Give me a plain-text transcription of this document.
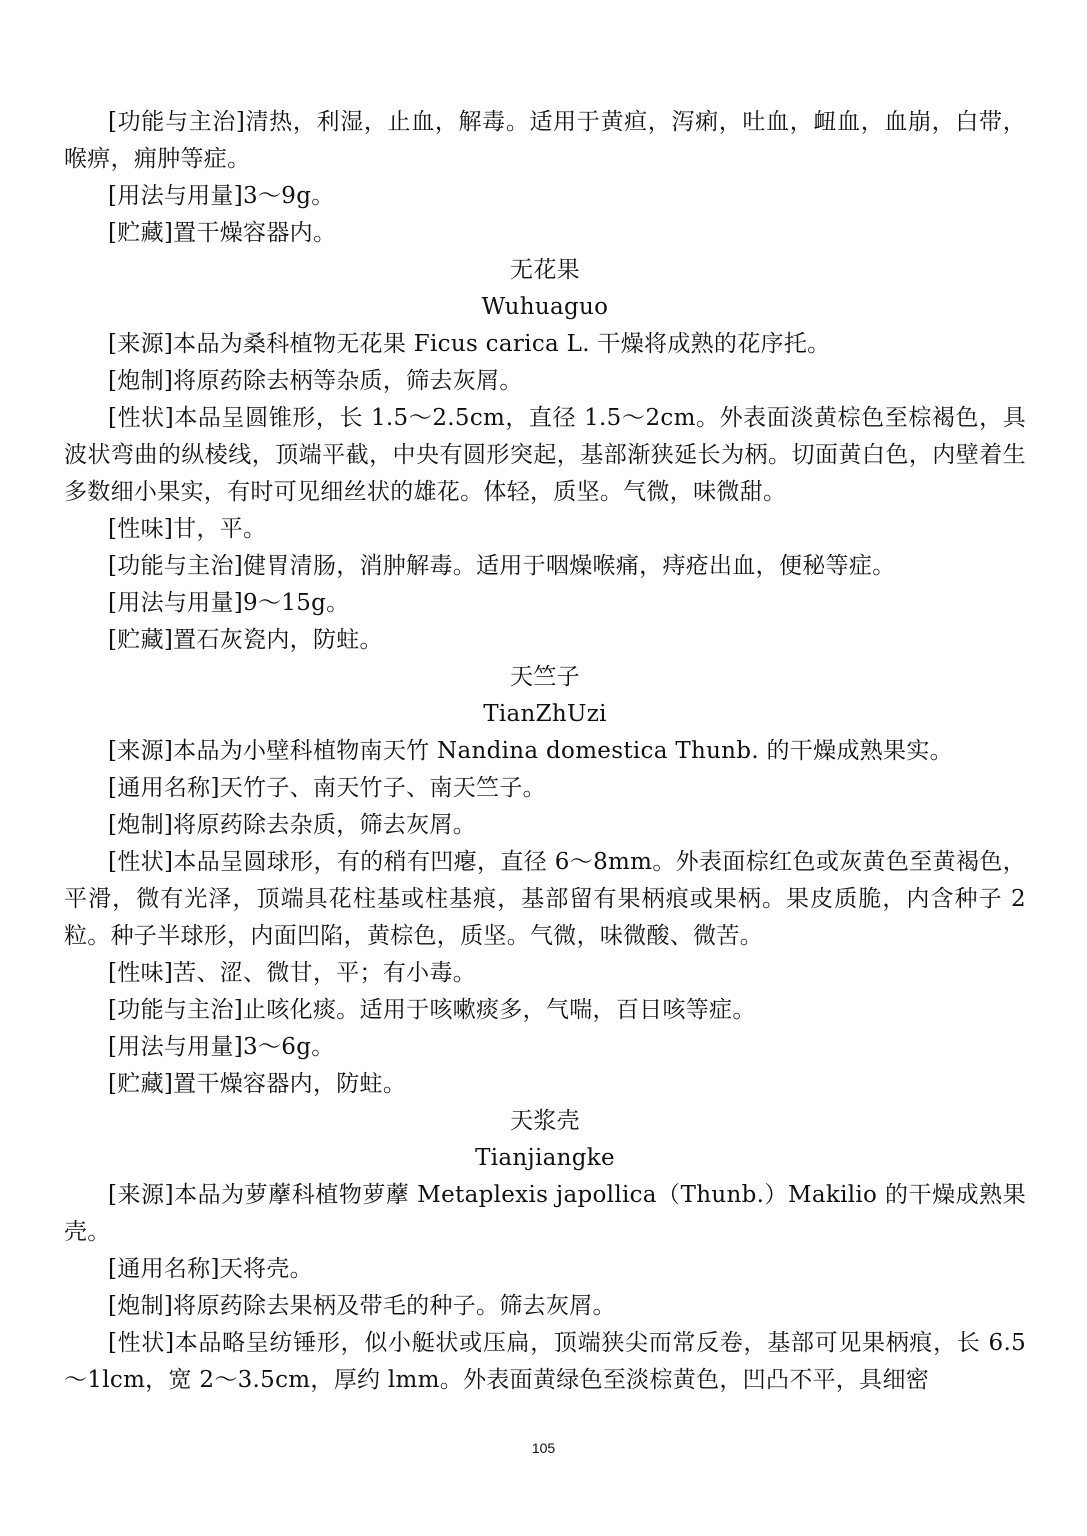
[功能与主治]清热，利湿，止血，解毒。适用于黄疸，泻痢，吐血，衄血，血崩，白带，喉痹，痈肿等症。

[用法与用量]3～9g。

[贮藏]置干燥容器内。

无花果

Wuhuaguo

[来源]本品为桑科植物无花果 Ficus carica L. 干燥将成熟的花序托。

[炮制]将原药除去柄等杂质，筛去灰屑。

[性状]本品呈圆锥形，长 1.5～2.5cm，直径 1.5～2cm。外表面淡黄棕色至棕褐色，具波状弯曲的纵棱线，顶端平截，中央有圆形突起，基部渐狭延长为柄。切面黄白色，内壁着生多数细小果实，有时可见细丝状的雄花。体轻，质坚。气微，味微甜。

[性味]甘，平。

[功能与主治]健胃清肠，消肿解毒。适用于咽燥喉痛，痔疮出血，便秘等症。

[用法与用量]9～15g。

[贮藏]置石灰瓷内，防蛀。

天竺子

TianZhUzi

[来源]本品为小壁科植物南天竹 Nandina domestica Thunb. 的干燥成熟果实。

[通用名称]天竹子、南天竹子、南天竺子。

[炮制]将原药除去杂质，筛去灰屑。

[性状]本品呈圆球形，有的稍有凹瘪，直径 6～8mm。外表面棕红色或灰黄色至黄褐色，平滑，微有光泽，顶端具花柱基或柱基痕，基部留有果柄痕或果柄。果皮质脆，内含种子 2 粒。种子半球形，内面凹陷，黄棕色，质坚。气微，味微酸、微苦。

[性味]苦、涩、微甘，平；有小毒。

[功能与主治]止咳化痰。适用于咳嗽痰多，气喘，百日咳等症。

[用法与用量]3～6g。

[贮藏]置干燥容器内，防蛀。

天浆壳

Tianjiangke

[来源]本品为萝藦科植物萝藦 Metaplexis japollica（Thunb.）Makilio 的干燥成熟果壳。

[通用名称]天将壳。

[炮制]将原药除去果柄及带毛的种子。筛去灰屑。

[性状]本品略呈纺锤形，似小艇状或压扁，顶端狭尖而常反卷，基部可见果柄痕，长 6.5～1lcm，宽 2～3.5cm，厚约 lmm。外表面黄绿色至淡棕黄色，凹凸不平，具细密

105
